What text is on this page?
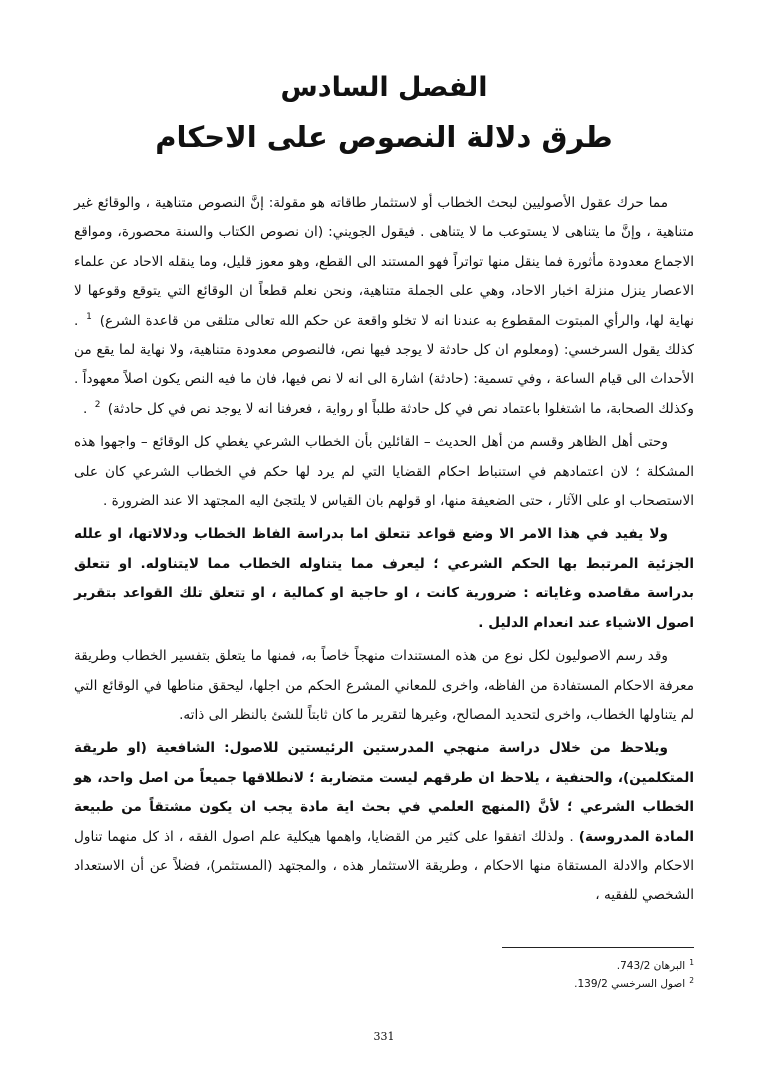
الفصل السادس
طرق دلالة النصوص على الاحكام

مما حرك عقول الأصوليين لبحث الخطاب أو لاستثمار طاقاته هو مقولة: إنَّ النصوص متناهية ، والوقائع غير متناهية ، وإنَّ ما يتناهى لا يستوعب ما لا يتناهى . فيقول الجويني: (ان نصوص الكتاب والسنة محصورة، ومواقع الاجماع معدودة مأثورة فما ينقل منها تواتراً فهو المستند الى القطع، وهو معوز قليل، وما ينقله الاحاد عن علماء الاعصار ينزل منزلة اخبار الاحاد، وهي على الجملة متناهية، ونحن نعلم قطعاً ان الوقائع التي يتوقع وقوعها لا نهاية لها، والرأي المبتوت المقطوع به عندنا انه لا تخلو واقعة عن حكم الله تعالى متلقى من قاعدة الشرع) $^1$ . كذلك يقول السرخسي: (ومعلوم ان كل حادثة لا يوجد فيها نص، فالنصوص معدودة متناهية، ولا نهاية لما يقع من الأحداث الى قيام الساعة ، وفي تسمية: (حادثة) اشارة الى انه لا نص فيها، فان ما فيه النص يكون اصلاً معهوداً . وكذلك الصحابة، ما اشتغلوا باعتماد نص في كل حادثة طلباً او رواية ، فعرفنا انه لا يوجد نص في كل حادثة) $^2$ .

وحتى أهل الظاهر وقسم من أهل الحديث – القائلين بأن الخطاب الشرعي يغطي كل الوقائع – واجهوا هذه المشكلة ؛ لان اعتمادهم في استنباط احكام القضايا التي لم يرد لها حكم في الخطاب الشرعي كان على الاستصحاب او على الآثار ، حتى الضعيفة منها، او قولهم بان القياس لا يلتجئ اليه المجتهد الا عند الضرورة .

ولا يفيد في هذا الامر الا وضع قواعد تتعلق اما بدراسة الفاظ الخطاب ودلالاتها، او علله الجزئية المرتبط بها الحكم الشرعي ؛ ليعرف مما يتناوله الخطاب مما لايتناوله. او تتعلق بدراسة مقاصده وغاياته : ضرورية كانت ، او حاجية او كمالية ، او تتعلق تلك القواعد بتقرير اصول الاشياء عند انعدام الدليل .

وقد رسم الاصوليون لكل نوع من هذه المستندات منهجاً خاصاً به، فمنها ما يتعلق بتفسير الخطاب وطريقة معرفة الاحكام المستفادة من الفاظه، واخرى للمعاني المشرع الحكم من اجلها، ليحقق مناطها في الوقائع التي لم يتناولها الخطاب، واخرى لتحديد المصالح، وغيرها لتقرير ما كان ثابتاً للشئ بالنظر الى ذاته.

ويلاحظ من خلال دراسة منهجي المدرستين الرئيستين للاصول: الشافعية (او طريقة المتكلمين)، والحنفية ، يلاحظ ان طرقهم ليست متضاربة ؛ لانطلاقها جميعاً من اصل واحد، هو الخطاب الشرعي ؛ لأنَّ (المنهج العلمي في بحث اية مادة يجب ان يكون مشتقاً من طبيعة المادة المدروسة) . ولذلك اتفقوا على كثير من القضايا، واهمها هيكلية علم اصول الفقه ، اذ كل منهما تناول الاحكام والادلة المستقاة منها الاحكام ، وطريقة الاستثمار هذه ، والمجتهد (المستثمر)، فضلاً عن أن الاستعداد الشخصي للفقيه ،

$^1$البرهان 743/2.

$^2$اصول السرخسي 139/2.

331
